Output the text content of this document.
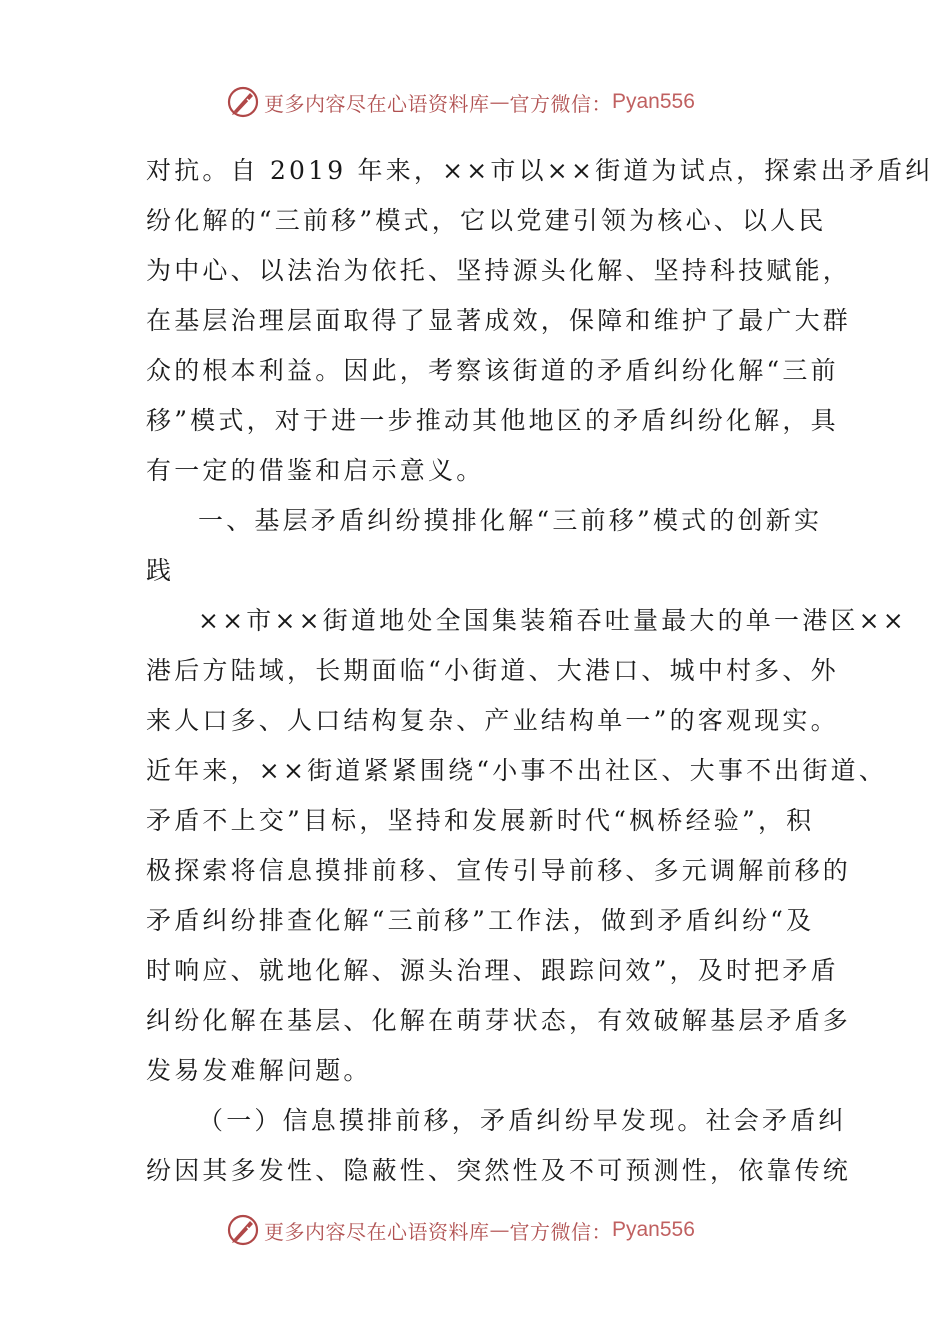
更多内容尽在心语资料库 — 官方微信： Pyan556
对抗。自 2019 年来，××市以××街道为试点，探索出矛盾纠
纷化解的“三前移”模式，它以党建引领为核心、以人民
为中心、以法治为依托、坚持源头化解、坚持科技赋能，
在基层治理层面取得了显著成效，保障和维护了最广大群
众的根本利益。因此，考察该街道的矛盾纠纷化解“三前
移”模式，对于进一步推动其他地区的矛盾纠纷化解，具
有一定的借鉴和启示意义。
一、基层矛盾纠纷摸排化解“三前移”模式的创新实
践
××市××街道地处全国集装箱吞吐量最大的单一港区××
港后方陆域，长期面临“小街道、大港口、城中村多、外
来人口多、人口结构复杂、产业结构单一”的客观现实。
近年来，××街道紧紧围绕“小事不出社区、大事不出街道、
矛盾不上交”目标，坚持和发展新时代“枫桥经验”，积
极探索将信息摸排前移、宣传引导前移、多元调解前移的
矛盾纠纷排查化解“三前移”工作法，做到矛盾纠纷“及
时响应、就地化解、源头治理、跟踪问效”，及时把矛盾
纠纷化解在基层、化解在萌芽状态，有效破解基层矛盾多
发易发难解问题。
（一）信息摸排前移，矛盾纠纷早发现。社会矛盾纠
纷因其多发性、隐蔽性、突然性及不可预测性，依靠传统
更多内容尽在心语资料库 — 官方微信： Pyan556
